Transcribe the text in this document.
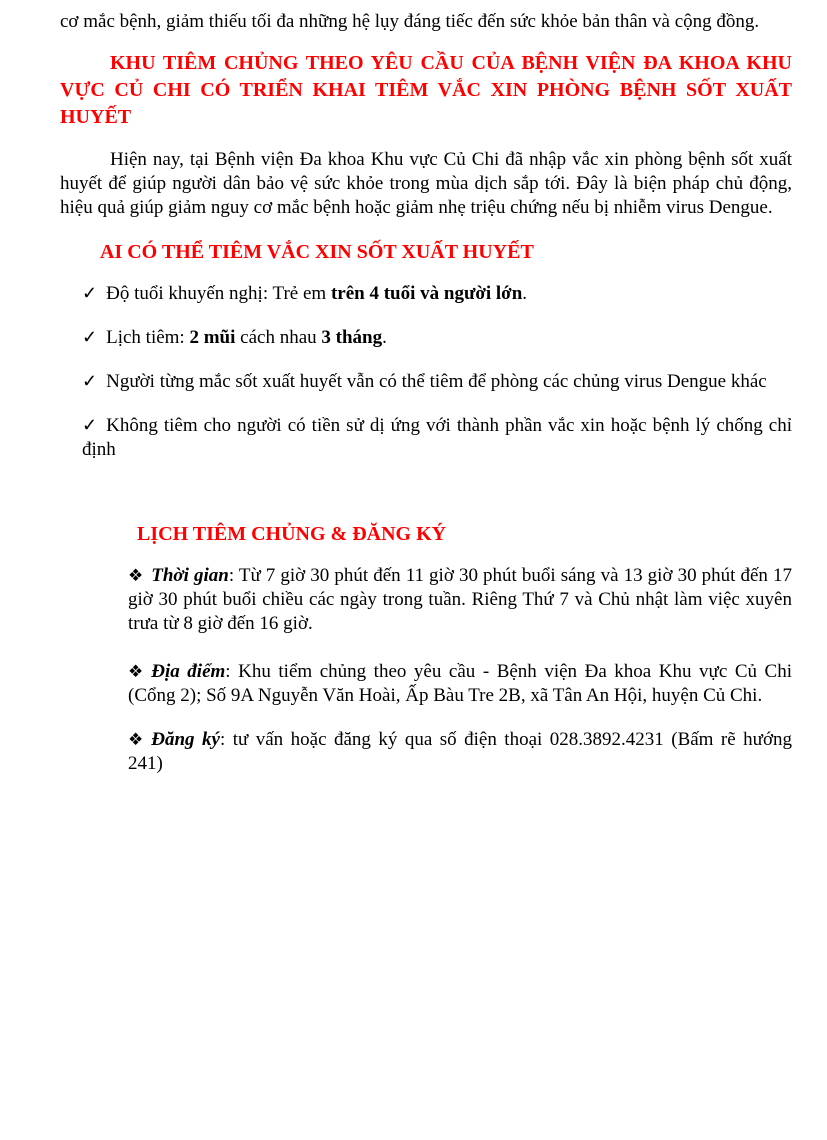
cơ mắc bệnh, giảm thiếu tối đa những hệ lụy đáng tiếc đến sức khỏe bản thân và cộng đồng.

KHU TIÊM CHỦNG THEO YÊU CẦU CỦA BỆNH VIỆN ĐA KHOA KHU VỰC CỦ CHI CÓ TRIỂN KHAI TIÊM VẮC XIN PHÒNG BỆNH SỐT XUẤT HUYẾT

Hiện nay, tại Bệnh viện Đa khoa Khu vực Củ Chi đã nhập vắc xin phòng bệnh sốt xuất huyết để giúp người dân bảo vệ sức khỏe trong mùa dịch sắp tới. Đây là biện pháp chủ động, hiệu quả giúp giảm nguy cơ mắc bệnh hoặc giảm nhẹ triệu chứng nếu bị nhiễm virus Dengue.

AI CÓ THỂ TIÊM VẮC XIN SỐT XUẤT HUYẾT

✓ Độ tuổi khuyến nghị: Trẻ em trên 4 tuổi và người lớn.

✓ Lịch tiêm: 2 mũi cách nhau 3 tháng.

✓ Người từng mắc sốt xuất huyết vẫn có thể tiêm để phòng các chủng virus Dengue khác

✓ Không tiêm cho người có tiền sử dị ứng với thành phần vắc xin hoặc bệnh lý chống chỉ định

LỊCH TIÊM CHỦNG & ĐĂNG KÝ

❖ Thời gian: Từ 7 giờ 30 phút đến 11 giờ 30 phút buổi sáng và 13 giờ 30 phút đến 17 giờ 30 phút buổi chiều các ngày trong tuần. Riêng Thứ 7 và Chủ nhật làm việc xuyên trưa từ 8 giờ đến 16 giờ.

❖ Địa điểm: Khu tiểm chủng theo yêu cầu - Bệnh viện Đa khoa Khu vực Củ Chi (Cổng 2); Số 9A Nguyễn Văn Hoài, Ấp Bàu Tre 2B, xã Tân An Hội, huyện Củ Chi.

❖ Đăng ký: tư vấn hoặc đăng ký qua số điện thoại 028.3892.4231 (Bấm rẽ hướng 241)
